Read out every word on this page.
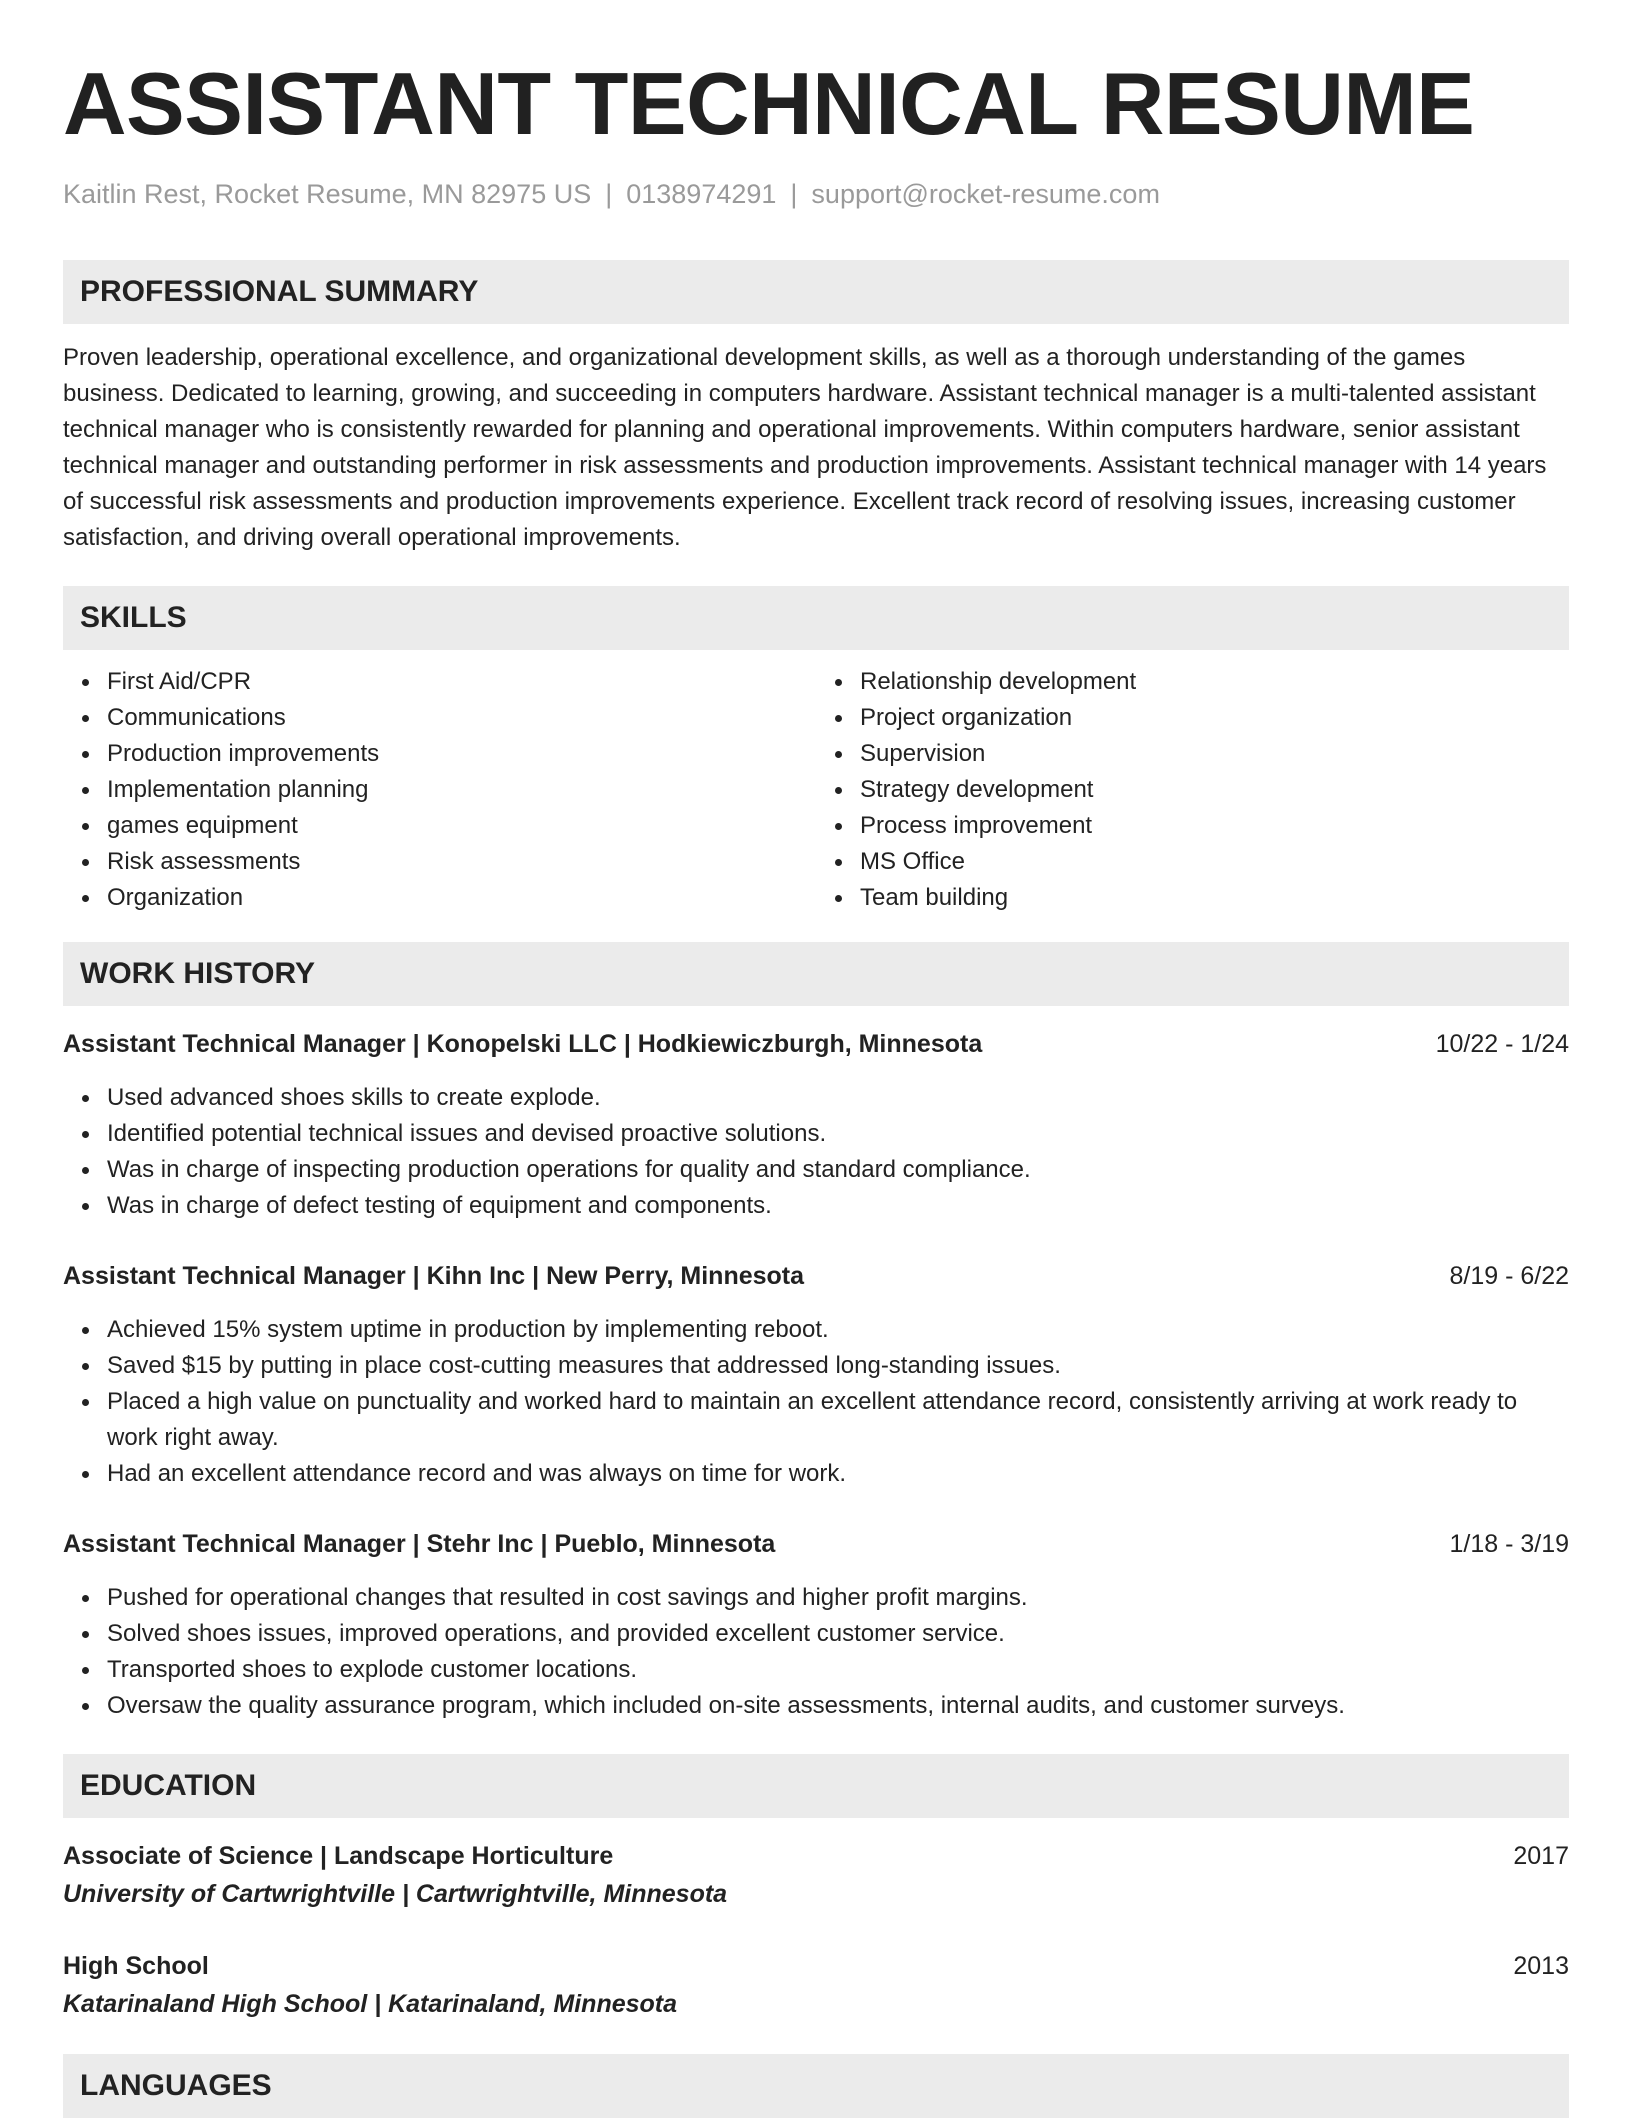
ASSISTANT TECHNICAL RESUME
Kaitlin Rest, Rocket Resume, MN 82975 US | 0138974291 | support@rocket-resume.com
PROFESSIONAL SUMMARY
Proven leadership, operational excellence, and organizational development skills, as well as a thorough understanding of the games business. Dedicated to learning, growing, and succeeding in computers hardware. Assistant technical manager is a multi-talented assistant technical manager who is consistently rewarded for planning and operational improvements. Within computers hardware, senior assistant technical manager and outstanding performer in risk assessments and production improvements. Assistant technical manager with 14 years of successful risk assessments and production improvements experience. Excellent track record of resolving issues, increasing customer satisfaction, and driving overall operational improvements.
SKILLS
First Aid/CPR
Communications
Production improvements
Implementation planning
games equipment
Risk assessments
Organization
Relationship development
Project organization
Supervision
Strategy development
Process improvement
MS Office
Team building
WORK HISTORY
Assistant Technical Manager | Konopelski LLC | Hodkiewiczburgh, Minnesota	10/22 - 1/24
Used advanced shoes skills to create explode.
Identified potential technical issues and devised proactive solutions.
Was in charge of inspecting production operations for quality and standard compliance.
Was in charge of defect testing of equipment and components.
Assistant Technical Manager | Kihn Inc | New Perry, Minnesota	8/19 - 6/22
Achieved 15% system uptime in production by implementing reboot.
Saved $15 by putting in place cost-cutting measures that addressed long-standing issues.
Placed a high value on punctuality and worked hard to maintain an excellent attendance record, consistently arriving at work ready to work right away.
Had an excellent attendance record and was always on time for work.
Assistant Technical Manager | Stehr Inc | Pueblo, Minnesota	1/18 - 3/19
Pushed for operational changes that resulted in cost savings and higher profit margins.
Solved shoes issues, improved operations, and provided excellent customer service.
Transported shoes to explode customer locations.
Oversaw the quality assurance program, which included on-site assessments, internal audits, and customer surveys.
EDUCATION
Associate of Science | Landscape Horticulture	2017
University of Cartwrightville | Cartwrightville, Minnesota
High School	2013
Katarinaland High School | Katarinaland, Minnesota
LANGUAGES
